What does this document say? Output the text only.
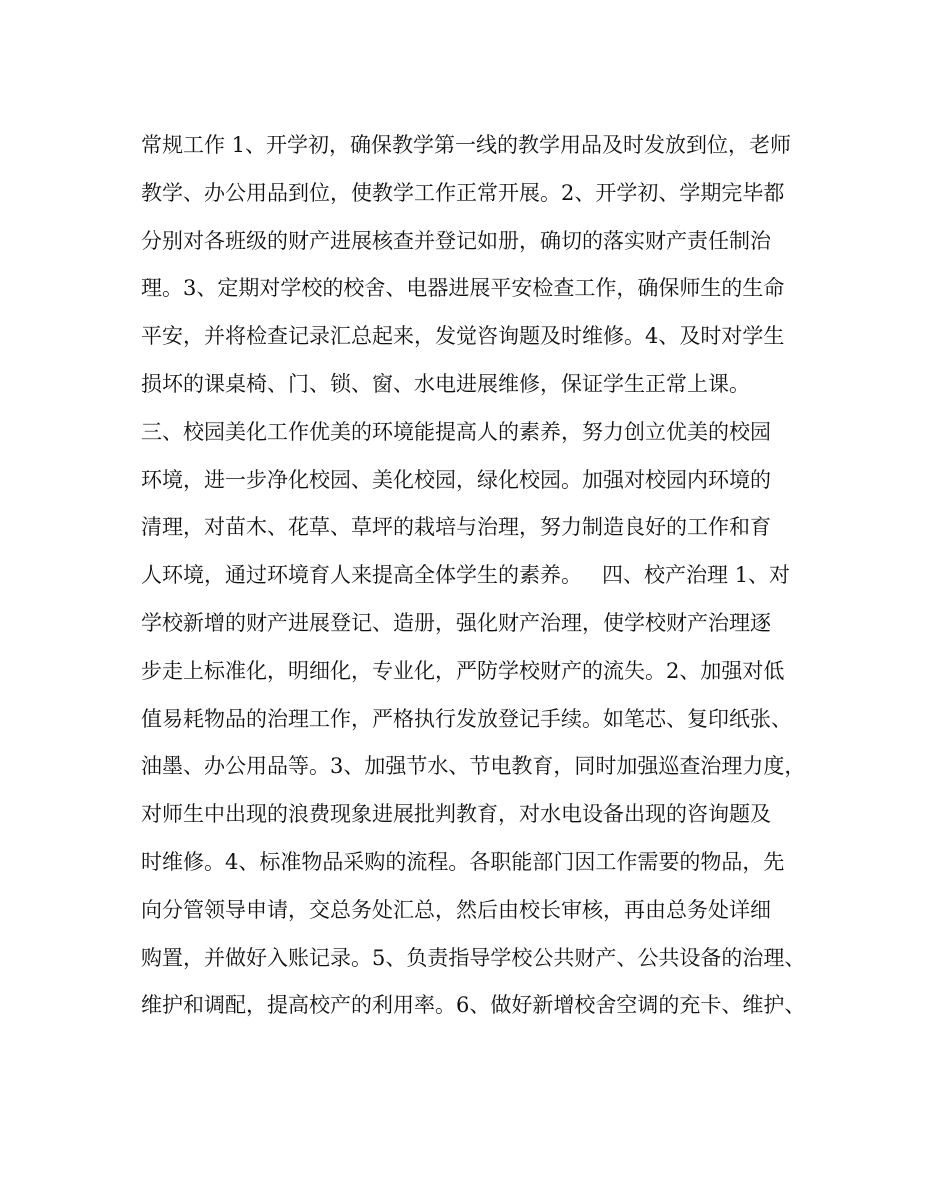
常规工作 1、开学初，确保教学第一线的教学用品及时发放到位，老师
教学、办公用品到位，使教学工作正常开展。2、开学初、学期完毕都
分别对各班级的财产进展核查并登记如册，确切的落实财产责任制治
理。3、定期对学校的校舍、电器进展平安检查工作，确保师生的生命
平安，并将检查记录汇总起来，发觉咨询题及时维修。4、及时对学生
损坏的课桌椅、门、锁、窗、水电进展维修，保证学生正常上课。
三、校园美化工作优美的环境能提高人的素养，努力创立优美的校园
环境，进一步净化校园、美化校园，绿化校园。加强对校园内环境的
清理，对苗木、花草、草坪的栽培与治理，努力制造良好的工作和育
人环境，通过环境育人来提高全体学生的素养。   四、校产治理 1、对
学校新增的财产进展登记、造册，强化财产治理，使学校财产治理逐
步走上标准化，明细化，专业化，严防学校财产的流失。2、加强对低
值易耗物品的治理工作，严格执行发放登记手续。如笔芯、复印纸张、
油墨、办公用品等。3、加强节水、节电教育，同时加强巡查治理力度，
对师生中出现的浪费现象进展批判教育，对水电设备出现的咨询题及
时维修。4、标准物品采购的流程。各职能部门因工作需要的物品，先
向分管领导申请，交总务处汇总，然后由校长审核，再由总务处详细
购置，并做好入账记录。5、负责指导学校公共财产、公共设备的治理、
维护和调配，提高校产的利用率。6、做好新增校舍空调的充卡、维护、
